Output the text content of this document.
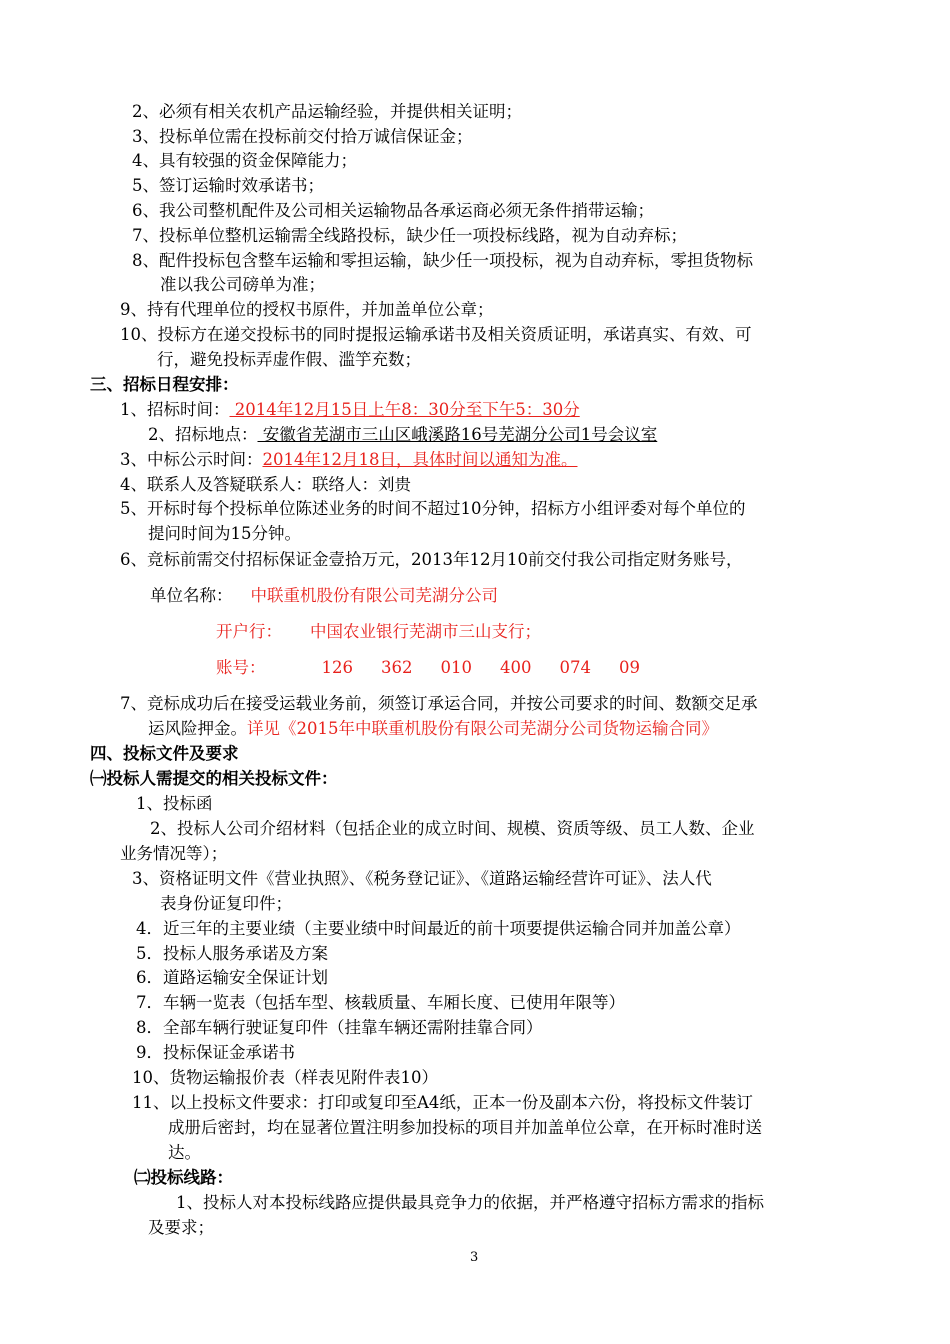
2、必须有相关农机产品运输经验，并提供相关证明；
3、投标单位需在投标前交付拾万诚信保证金；
4、具有较强的资金保障能力；
5、签订运输时效承诺书；
6、我公司整机配件及公司相关运输物品各承运商必须无条件捎带运输；
7、投标单位整机运输需全线路投标，缺少任一项投标线路，视为自动弃标；
8、配件投标包含整车运输和零担运输，缺少任一项投标，视为自动弃标，零担货物标
准以我公司磅单为准；
9、持有代理单位的授权书原件，并加盖单位公章；
10、投标方在递交投标书的同时提报运输承诺书及相关资质证明，承诺真实、有效、可
行，避免投标弄虚作假、滥竽充数；
三、招标日程安排：
1、招标时间： 2014年12月15日上午8：30分至下午5：30分
2、招标地点： 安徽省芜湖市三山区峨溪路16号芜湖分公司1号会议室
3、中标公示时间：2014年12月18日，具体时间以通知为准。
4、联系人及答疑联系人：联络人：刘贵
5、开标时每个投标单位陈述业务的时间不超过10分钟，招标方小组评委对每个单位的
提问时间为15分钟。
6、竞标前需交付招标保证金壹拾万元，2013年12月10前交付我公司指定财务账号，
单位名称： 中联重机股份有限公司芜湖分公司
开户行： 中国农业银行芜湖市三山支行；
账号：	126 362 010 400 074 09
7、竞标成功后在接受运载业务前，须签订承运合同，并按公司要求的时间、数额交足承
运风险押金。详见《2015年中联重机股份有限公司芜湖分公司货物运输合同》
四、投标文件及要求
㈠投标人需提交的相关投标文件：
1、投标函
2、投标人公司介绍材料（包括企业的成立时间、规模、资质等级、员工人数、企业
业务情况等）；
3、资格证明文件《营业执照》、《税务登记证》、《道路运输经营许可证》、法人代
表身份证复印件；
4．近三年的主要业绩（主要业绩中时间最近的前十项要提供运输合同并加盖公章）
5．投标人服务承诺及方案
6．道路运输安全保证计划
7．车辆一览表（包括车型、核载质量、车厢长度、已使用年限等）
8．全部车辆行驶证复印件（挂靠车辆还需附挂靠合同）
9．投标保证金承诺书
10、货物运输报价表（样表见附件表10）
11、以上投标文件要求：打印或复印至A4纸，正本一份及副本六份，将投标文件装订
成册后密封，均在显著位置注明参加投标的项目并加盖单位公章，在开标时准时送
达。
㈡投标线路：
1、投标人对本投标线路应提供最具竞争力的依据，并严格遵守招标方需求的指标
及要求；
3
